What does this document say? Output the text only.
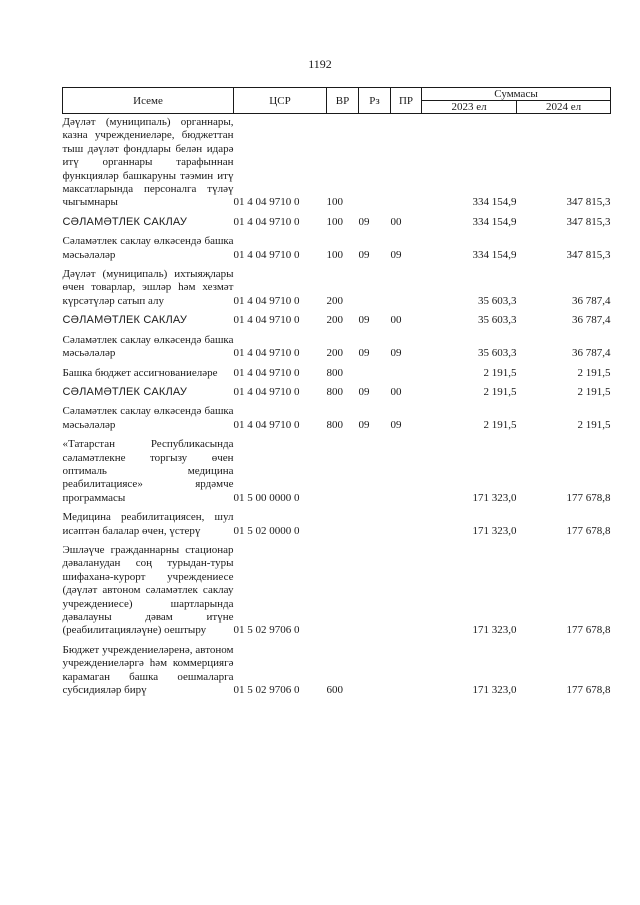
1192
Исеме	ЦСР	ВР	Рз	ПР	Суммасы	
					2023 ел	2024 ел
Дәүләт (муниципаль) органнары, казна учреждениеләре, бюджеттан тыш дәүләт фондлары белән идарә итү органнары тарафыннан функцияләр башкаруны тәэмин итү максатларында персоналга түләү чыгымнары	01 4 04 9710 0	100			334 154,9	347 815,3
СӘЛАМӘТЛЕК САКЛАУ	01 4 04 9710 0	100	09	00	334 154,9	347 815,3
Сәламәтлек саклау өлкәсендә башка мәсьәләләр	01 4 04 9710 0	100	09	09	334 154,9	347 815,3
Дәүләт (муниципаль) ихтыяҗлары өчен товарлар, эшләр һәм хезмәт күрсәтүләр сатып алу	01 4 04 9710 0	200			35 603,3	36 787,4
СӘЛАМӘТЛЕК САКЛАУ	01 4 04 9710 0	200	09	00	35 603,3	36 787,4
Сәламәтлек саклау өлкәсендә башка мәсьәләләр	01 4 04 9710 0	200	09	09	35 603,3	36 787,4
Башка бюджет ассигнованиеләре	01 4 04 9710 0	800			2 191,5	2 191,5
СӘЛАМӘТЛЕК САКЛАУ	01 4 04 9710 0	800	09	00	2 191,5	2 191,5
Сәламәтлек саклау өлкәсендә башка мәсьәләләр	01 4 04 9710 0	800	09	09	2 191,5	2 191,5
«Татарстан Республикасында сәламәтлекне торгызу өчен оптималь медицина реабилитациясе» ярдәмче программасы	01 5 00 0000 0				171 323,0	177 678,8
Медицина реабилитациясен, шул исәптән балалар өчен, үстерү	01 5 02 0000 0				171 323,0	177 678,8
Эшләүче гражданнарны стационар дәваланудан соң турыдан-туры шифаханә-курорт учреждениесе (дәүләт автоном сәламәтлек саклау учреждениесе) шартларында дәвалауны дәвам итүне (реабилитацияләүне) оештыру	01 5 02 9706 0				171 323,0	177 678,8
Бюджет учреждениеләренә, автоном учреждениеләргә һәм коммерциягә карамаган башка оешмаларга субсидияләр бирү	01 5 02 9706 0	600			171 323,0	177 678,8
